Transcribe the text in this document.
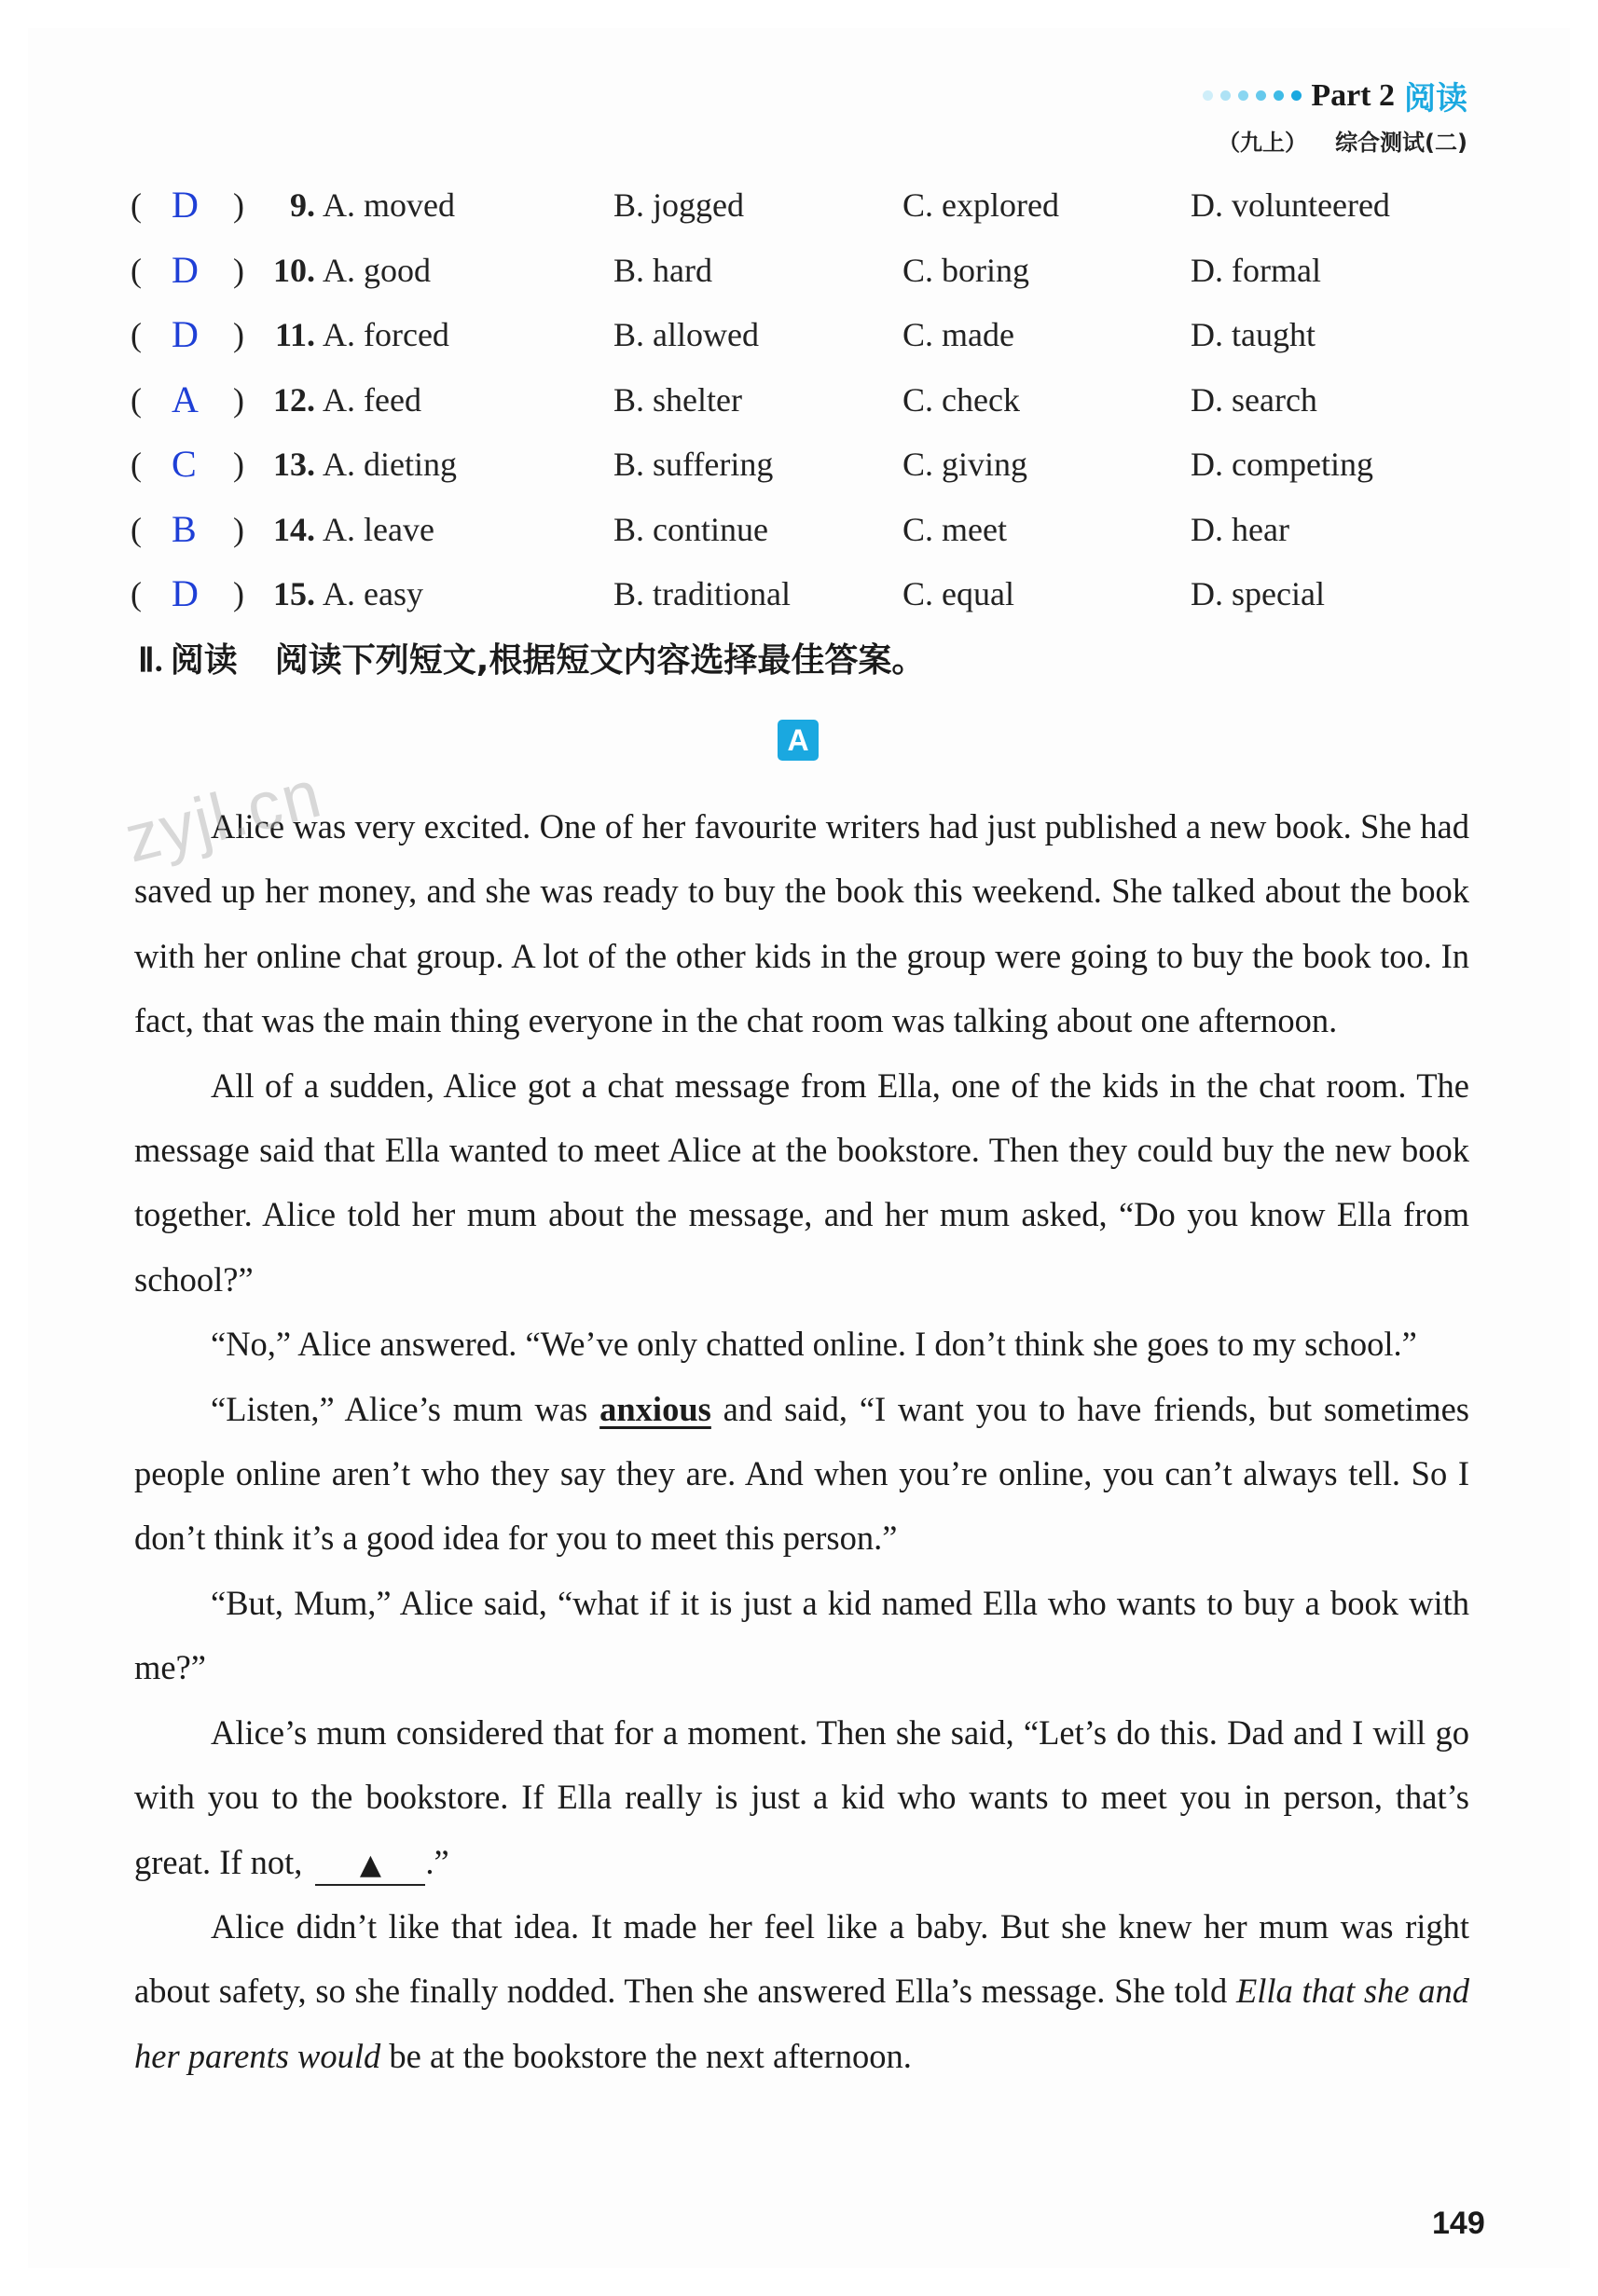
Part 2 阅读
（九上） 综合测试(二)
( D )	9. A. moved	B. jogged	C. explored	D. volunteered
( D ) 10. A. good	B. hard	C. boring	D. formal
( D ) 11. A. forced	B. allowed	C. made	D. taught
( A ) 12. A. feed	B. shelter	C. check	D. search
( C ) 13. A. dieting	B. suffering	C. giving	D. competing
( B ) 14. A. leave	B. continue	C. meet	D. hear
( D ) 15. A. easy	B. traditional	C. equal	D. special
Ⅱ. 阅读 阅读下列短文,根据短文内容选择最佳答案。
A

Alice was very excited. One of her favourite writers had just published a new book. She had saved up her money, and she was ready to buy the book this weekend. She talked about the book with her online chat group. A lot of the other kids in the group were going to buy the book too. In fact, that was the main thing everyone in the chat room was talking about one afternoon.

All of a sudden, Alice got a chat message from Ella, one of the kids in the chat room. The message said that Ella wanted to meet Alice at the bookstore. Then they could buy the new book together. Alice told her mum about the message, and her mum asked, “Do you know Ella from school?”

“No,” Alice answered. “We’ve only chatted online. I don’t think she goes to my school.”

“Listen,” Alice’s mum was anxious and said, “I want you to have friends, but sometimes people online aren’t who they say they are. And when you’re online, you can’t always tell. So I don’t think it’s a good idea for you to meet this person.”

“But, Mum,” Alice said, “what if it is just a kid named Ella who wants to buy a book with me?”

Alice’s mum considered that for a moment. Then she said, “Let’s do this. Dad and I will go with you to the bookstore. If Ella really is just a kid who wants to meet you in person, that’s great. If not, ▲ .”

Alice didn’t like that idea. It made her feel like a baby. But she knew her mum was right about safety, so she finally nodded. Then she answered Ella’s message. She told Ella that she and her parents would be at the bookstore the next afternoon.

zyjl.cn
149
